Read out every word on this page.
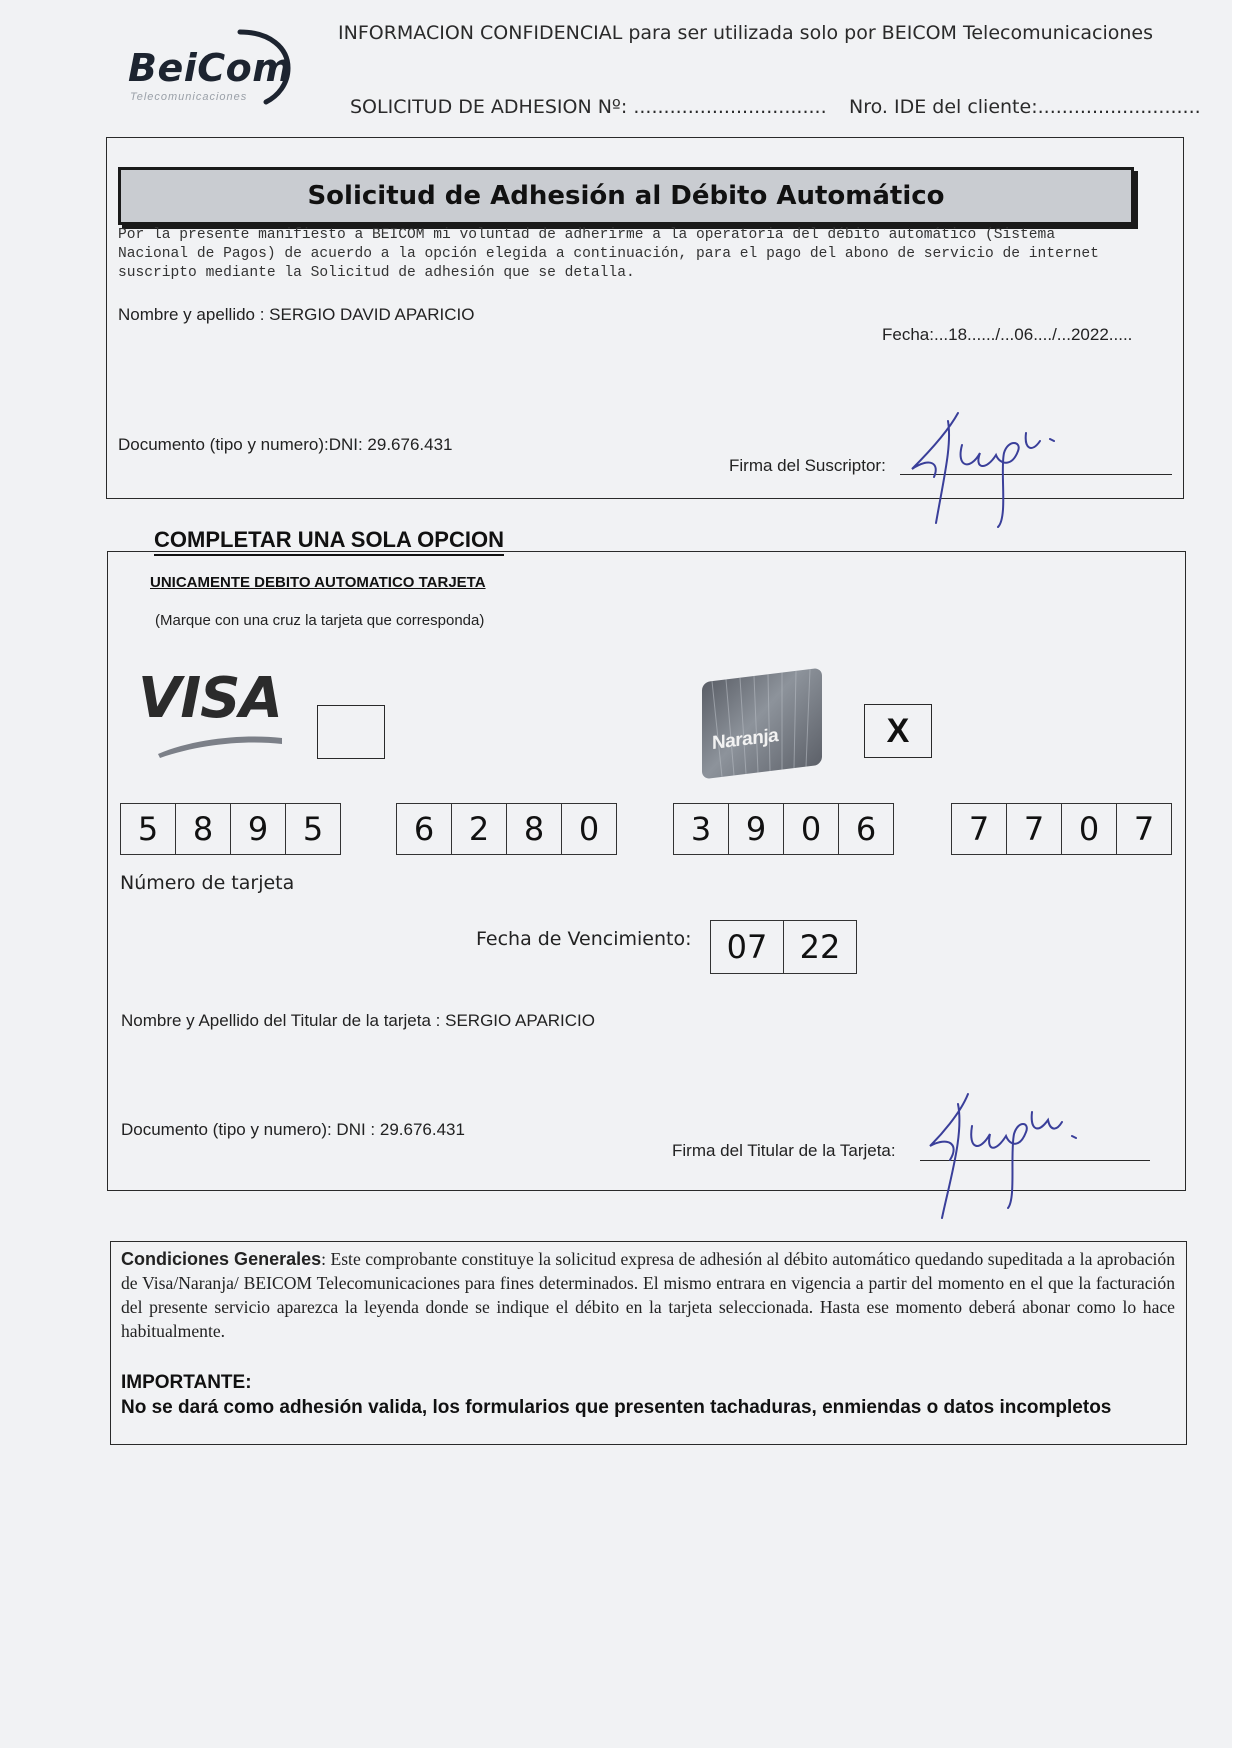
BeiCom
Telecomunicaciones
INFORMACION CONFIDENCIAL para ser utilizada solo por BEICOM Telecomunicaciones
SOLICITUD DE ADHESION Nº: ................................ Nro. IDE del cliente:...........................
Solicitud de Adhesión al Débito Automático
Por la presente manifiesto a BEICOM mi voluntad de adherirme a la operatoria del débito automático (Sistema Nacional de Pagos) de acuerdo a la opción elegida a continuación, para el pago del abono de servicio de internet suscripto mediante la Solicitud de adhesión que se detalla.
Nombre y apellido : SERGIO DAVID APARICIO
Fecha:...18....../...06..../...2022.....
Documento (tipo y numero):DNI: 29.676.431
Firma del Suscriptor:
COMPLETAR UNA SOLA OPCION
UNICAMENTE DEBITO AUTOMATICO TARJETA
(Marque con una cruz la tarjeta que corresponda)
VISA
Naranja	X
5	8	9	5	6	2	8	0	3	9	0	6	7	7	0	7
Número de tarjeta
Fecha de Vencimiento:	07	22
Nombre y Apellido del Titular de la tarjeta : SERGIO APARICIO
Documento (tipo y numero): DNI : 29.676.431
Firma del Titular de la Tarjeta:
Condiciones Generales: Este comprobante constituye la solicitud expresa de adhesión al débito automático quedando supeditada a la aprobación de Visa/Naranja/ BEICOM Telecomunicaciones para fines determinados. El mismo entrara en vigencia a partir del momento en el que la facturación del presente servicio aparezca la leyenda donde se indique el débito en la tarjeta seleccionada. Hasta ese momento deberá abonar como lo hace habitualmente.
IMPORTANTE:
No se dará como adhesión valida, los formularios que presenten tachaduras, enmiendas o datos incompletos
